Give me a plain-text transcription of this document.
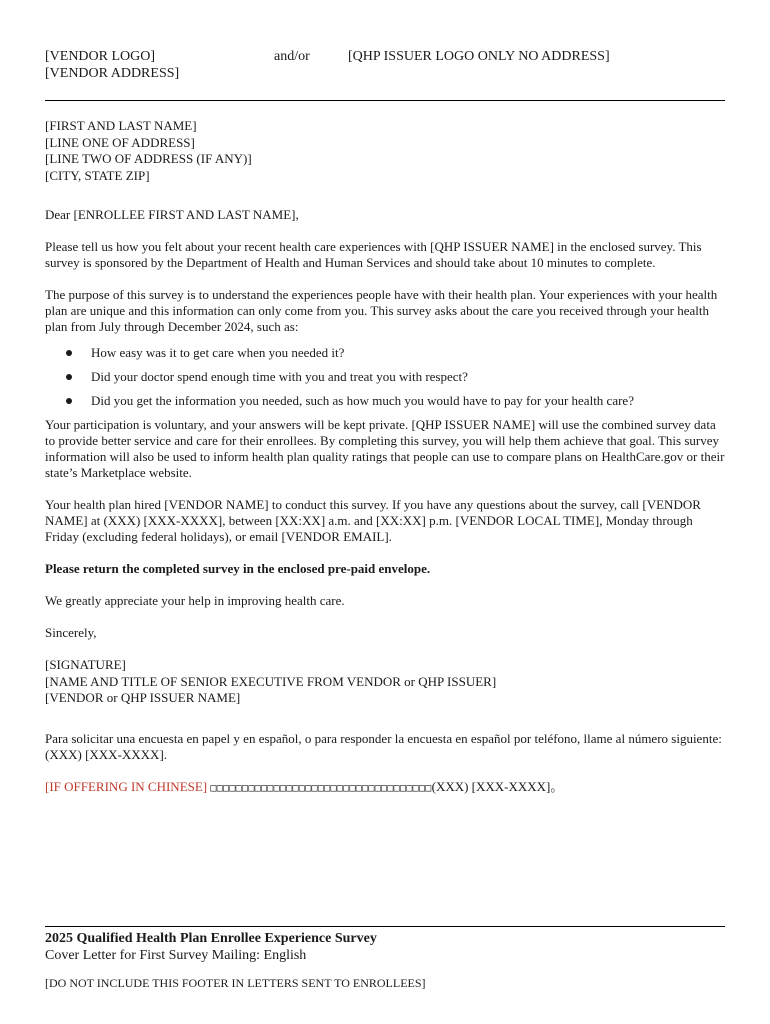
[VENDOR LOGO]
[VENDOR ADDRESS]
and/or	[QHP ISSUER LOGO ONLY NO ADDRESS]
[FIRST AND LAST NAME]
[LINE ONE OF ADDRESS]
[LINE TWO OF ADDRESS (IF ANY)]
[CITY, STATE ZIP]

Dear [ENROLLEE FIRST AND LAST NAME],

Please tell us how you felt about your recent health care experiences with [QHP ISSUER NAME] in the enclosed survey. This survey is sponsored by the Department of Health and Human Services and should take about 10 minutes to complete.

The purpose of this survey is to understand the experiences people have with their health plan. Your experiences with your health plan are unique and this information can only come from you. This survey asks about the care you received through your health plan from July through December 2024, such as:

How easy was it to get care when you needed it?
Did your doctor spend enough time with you and treat you with respect?
Did you get the information you needed, such as how much you would have to pay for your health care?

Your participation is voluntary, and your answers will be kept private. [QHP ISSUER NAME] will use the combined survey data to provide better service and care for their enrollees. By completing this survey, you will help them achieve that goal. This survey information will also be used to inform health plan quality ratings that people can use to compare plans on HealthCare.gov or their state’s Marketplace website.

Your health plan hired [VENDOR NAME] to conduct this survey. If you have any questions about the survey, call [VENDOR NAME] at (XXX) [XXX-XXXX], between [XX:XX] a.m. and [XX:XX] p.m. [VENDOR LOCAL TIME], Monday through Friday (excluding federal holidays), or email [VENDOR EMAIL].

Please return the completed survey in the enclosed pre-paid envelope.

We greatly appreciate your help in improving health care.

Sincerely,

[SIGNATURE]
[NAME AND TITLE OF SENIOR EXECUTIVE FROM VENDOR or QHP ISSUER]
[VENDOR or QHP ISSUER NAME]

Para solicitar una encuesta en papel y en español, o para responder la encuesta en español por teléfono, llame al número siguiente: (XXX) [XXX-XXXX].

[IF OFFERING IN CHINESE] □□□□□□□□□□□□□□□□□□□□□□□□□□□□□□□□□□□(XXX) [XXX-XXXX]。

2025 Qualified Health Plan Enrollee Experience Survey
Cover Letter for First Survey Mailing: English
[DO NOT INCLUDE THIS FOOTER IN LETTERS SENT TO ENROLLEES]
